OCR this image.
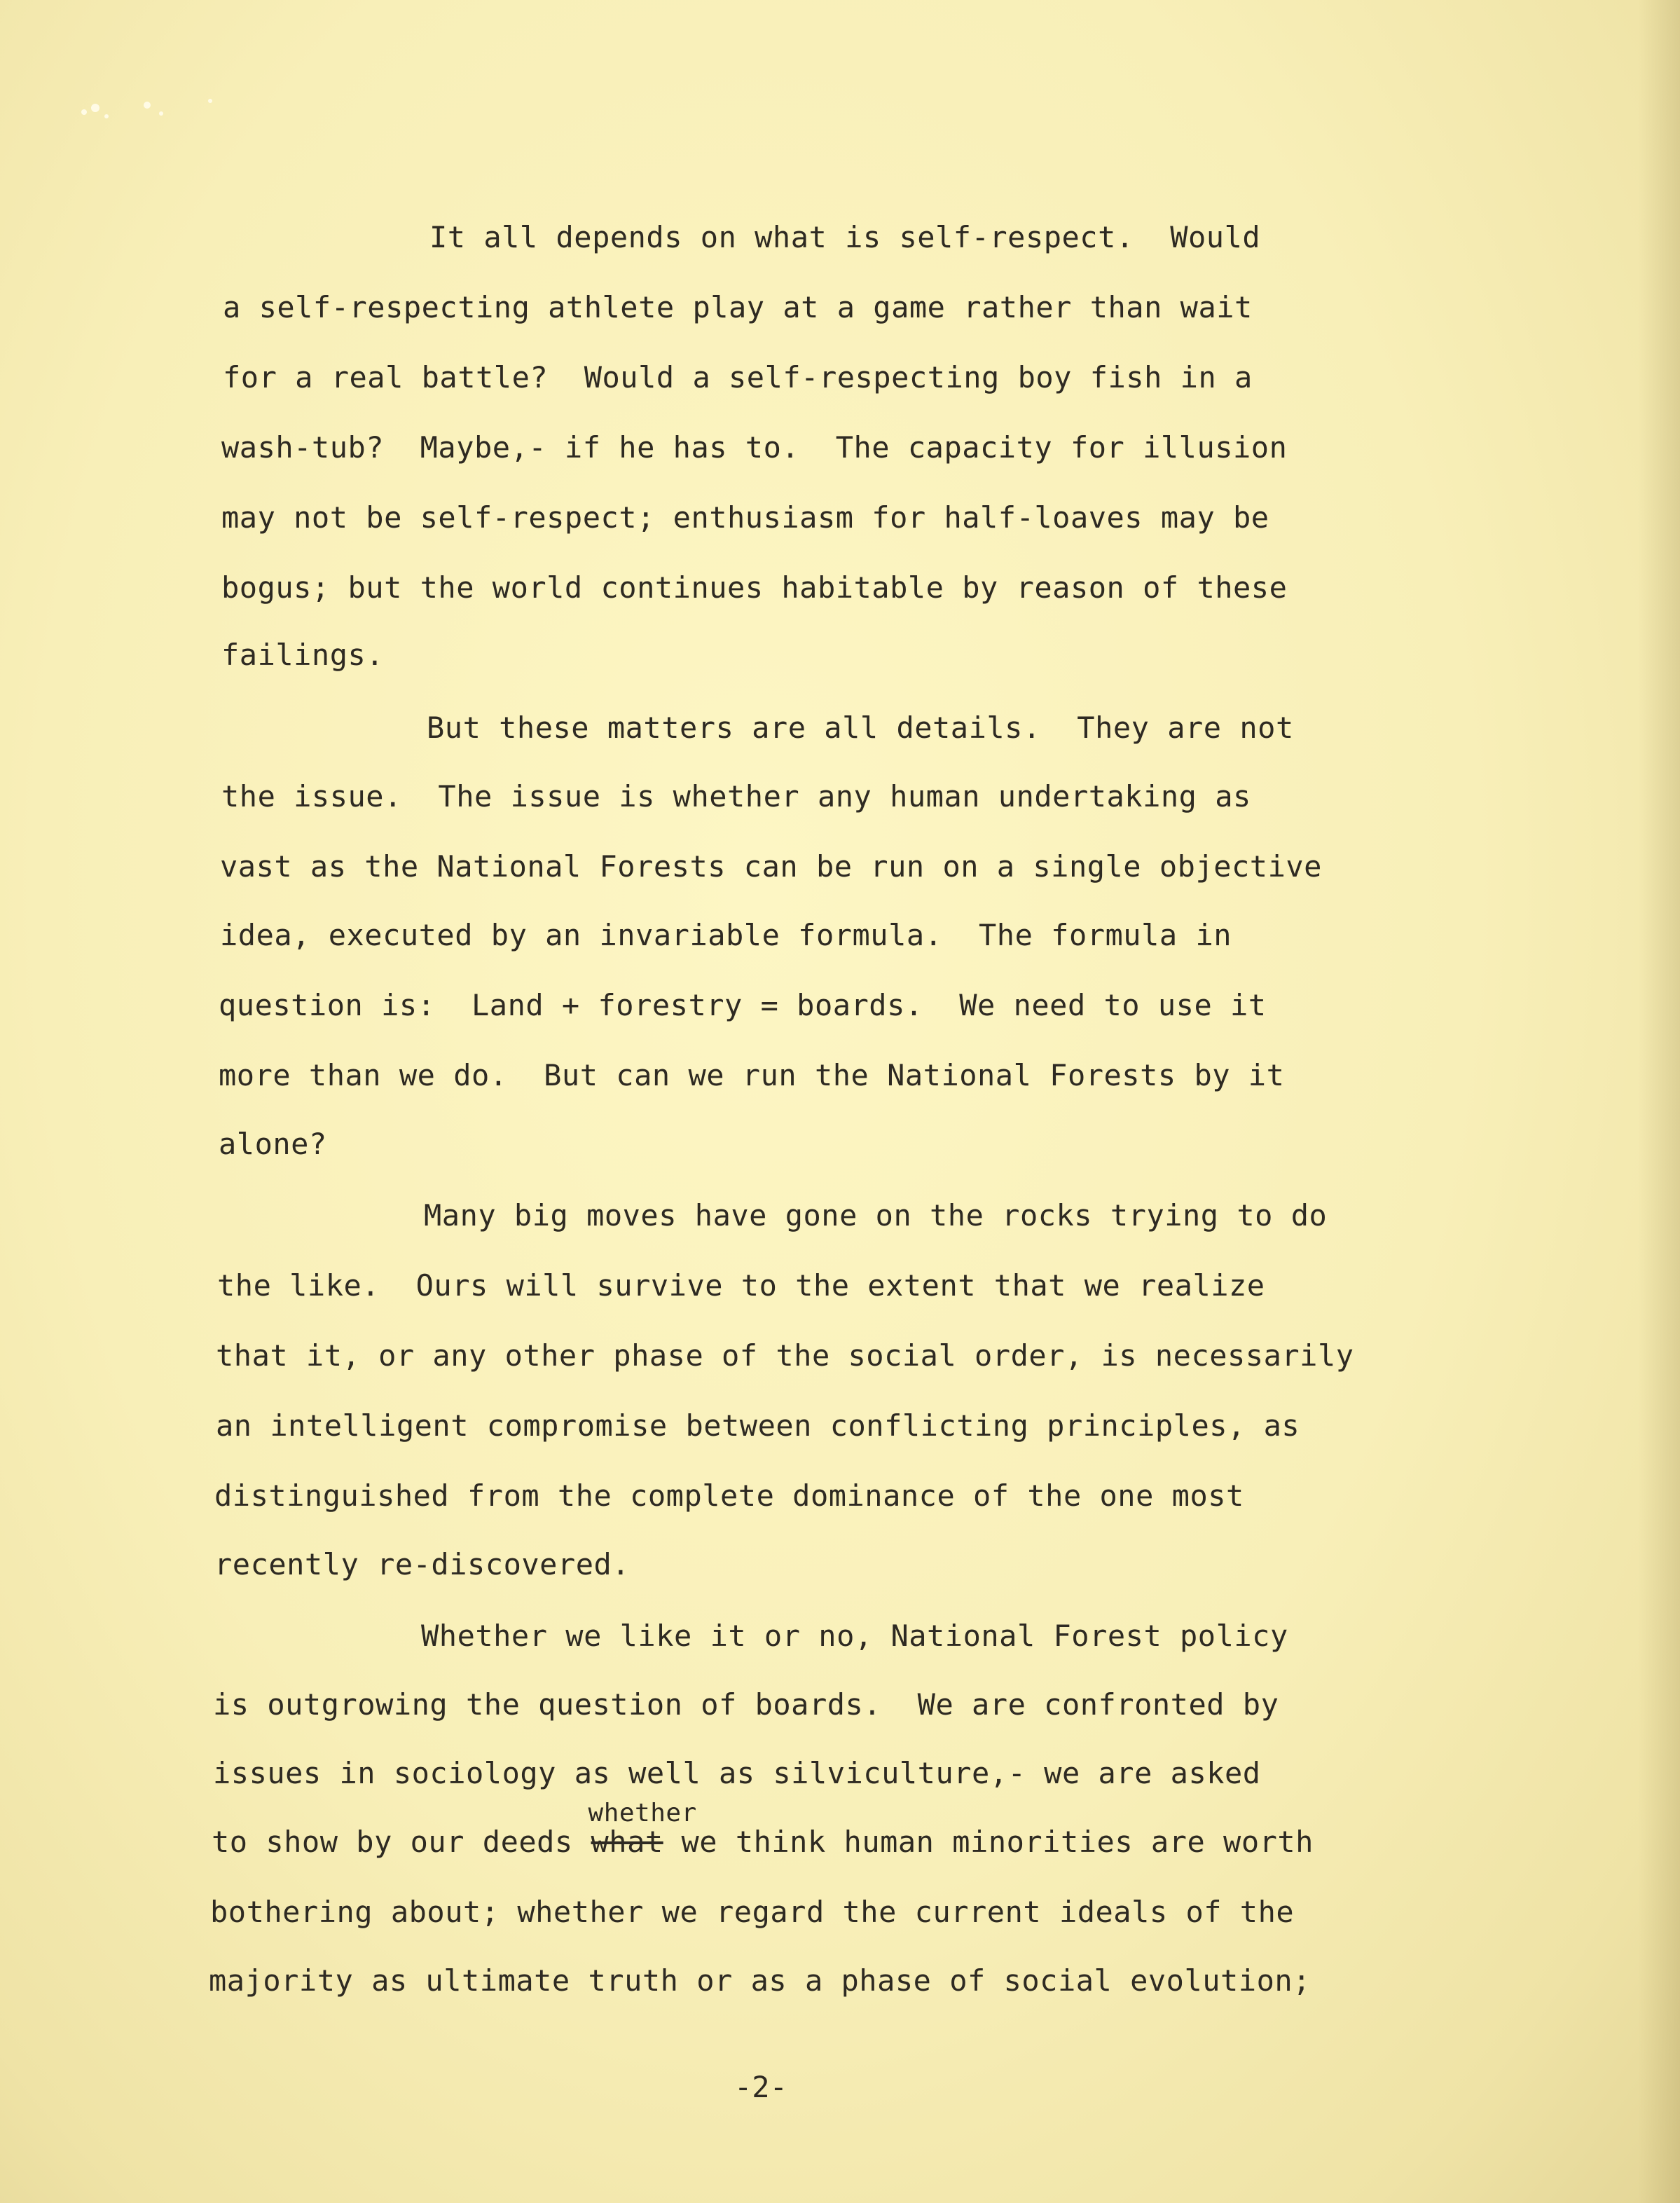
It all depends on what is self-respect.  Would
a self-respecting athlete play at a game rather than wait
for a real battle?  Would a self-respecting boy fish in a
wash-tub?  Maybe,- if he has to.  The capacity for illusion
may not be self-respect; enthusiasm for half-loaves may be
bogus; but the world continues habitable by reason of these
failings.
But these matters are all details.  They are not
the issue.  The issue is whether any human undertaking as
vast as the National Forests can be run on a single objective
idea, executed by an invariable formula.  The formula in
question is:  Land + forestry = boards.  We need to use it
more than we do.  But can we run the National Forests by it
alone?
Many big moves have gone on the rocks trying to do
the like.  Ours will survive to the extent that we realize
that it, or any other phase of the social order, is necessarily
an intelligent compromise between conflicting principles, as
distinguished from the complete dominance of the one most
recently re-discovered.
Whether we like it or no, National Forest policy
is outgrowing the question of boards.  We are confronted by
issues in sociology as well as silviculture,- we are asked
to show by our deeds what
whether
we think human minorities are worth
bothering about; whether we regard the current ideals of the
majority as ultimate truth or as a phase of social evolution;
-2-
